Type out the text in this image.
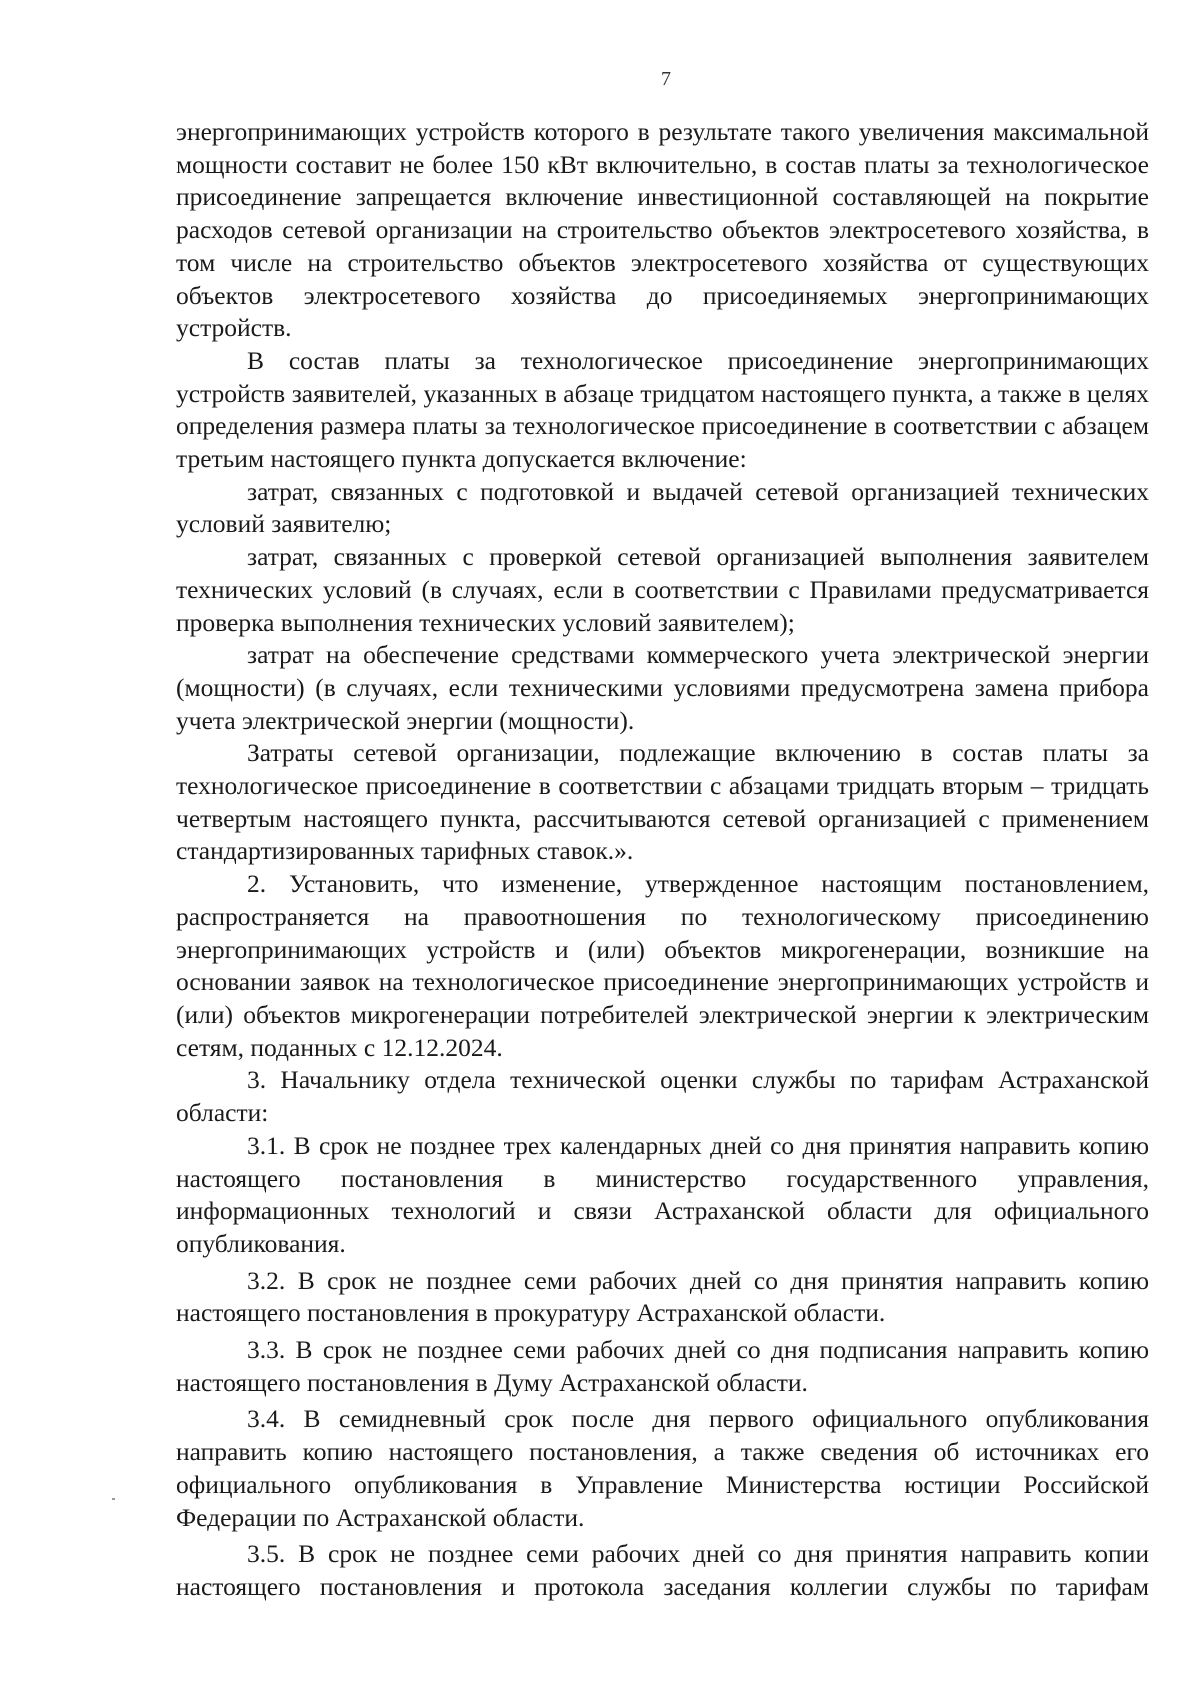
7

энергопринимающих устройств которого в результате такого увеличения максимальной мощности составит не более 150 кВт включительно, в состав платы за технологическое присоединение запрещается включение инвестиционной составляющей на покрытие расходов сетевой организации на строительство объектов электросетевого хозяйства, в том числе на строительство объектов электросетевого хозяйства от существующих объектов электросетевого хозяйства до присоединяемых энергопринимающих устройств.

В состав платы за технологическое присоединение энергопринимающих устройств заявителей, указанных в абзаце тридцатом настоящего пункта, а также в целях определения размера платы за технологическое присоединение в соответствии с абзацем третьим настоящего пункта допускается включение:

затрат, связанных с подготовкой и выдачей сетевой организацией технических условий заявителю;

затрат, связанных с проверкой сетевой организацией выполнения заявителем технических условий (в случаях, если в соответствии с Правилами предусматривается проверка выполнения технических условий заявителем);

затрат на обеспечение средствами коммерческого учета электрической энергии (мощности) (в случаях, если техническими условиями предусмотрена замена прибора учета электрической энергии (мощности).

Затраты сетевой организации, подлежащие включению в состав платы за технологическое присоединение в соответствии с абзацами тридцать вторым – тридцать четвертым настоящего пункта, рассчитываются сетевой организацией с применением стандартизированных тарифных ставок.».

2. Установить, что изменение, утвержденное настоящим постановлением, распространяется на правоотношения по технологическому присоединению энергопринимающих устройств и (или) объектов микрогенерации, возникшие на основании заявок на технологическое присоединение энергопринимающих устройств и (или) объектов микрогенерации потребителей электрической энергии к электрическим сетям, поданных с 12.12.2024.

3. Начальнику отдела технической оценки службы по тарифам Астраханской области:

3.1. В срок не позднее трех календарных дней со дня принятия направить копию настоящего постановления в министерство государственного управления, информационных технологий и связи Астраханской области для официального опубликования.

3.2. В срок не позднее семи рабочих дней со дня принятия направить копию настоящего постановления в прокуратуру Астраханской области.

3.3. В срок не позднее семи рабочих дней со дня подписания направить копию настоящего постановления в Думу Астраханской области.

3.4. В семидневный срок после дня первого официального опубликования направить копию настоящего постановления, а также сведения об источниках его официального опубликования в Управление Министерства юстиции Российской Федерации по Астраханской области.

3.5. В срок не позднее семи рабочих дней со дня принятия направить копии настоящего постановления и протокола заседания коллегии службы по тарифам
